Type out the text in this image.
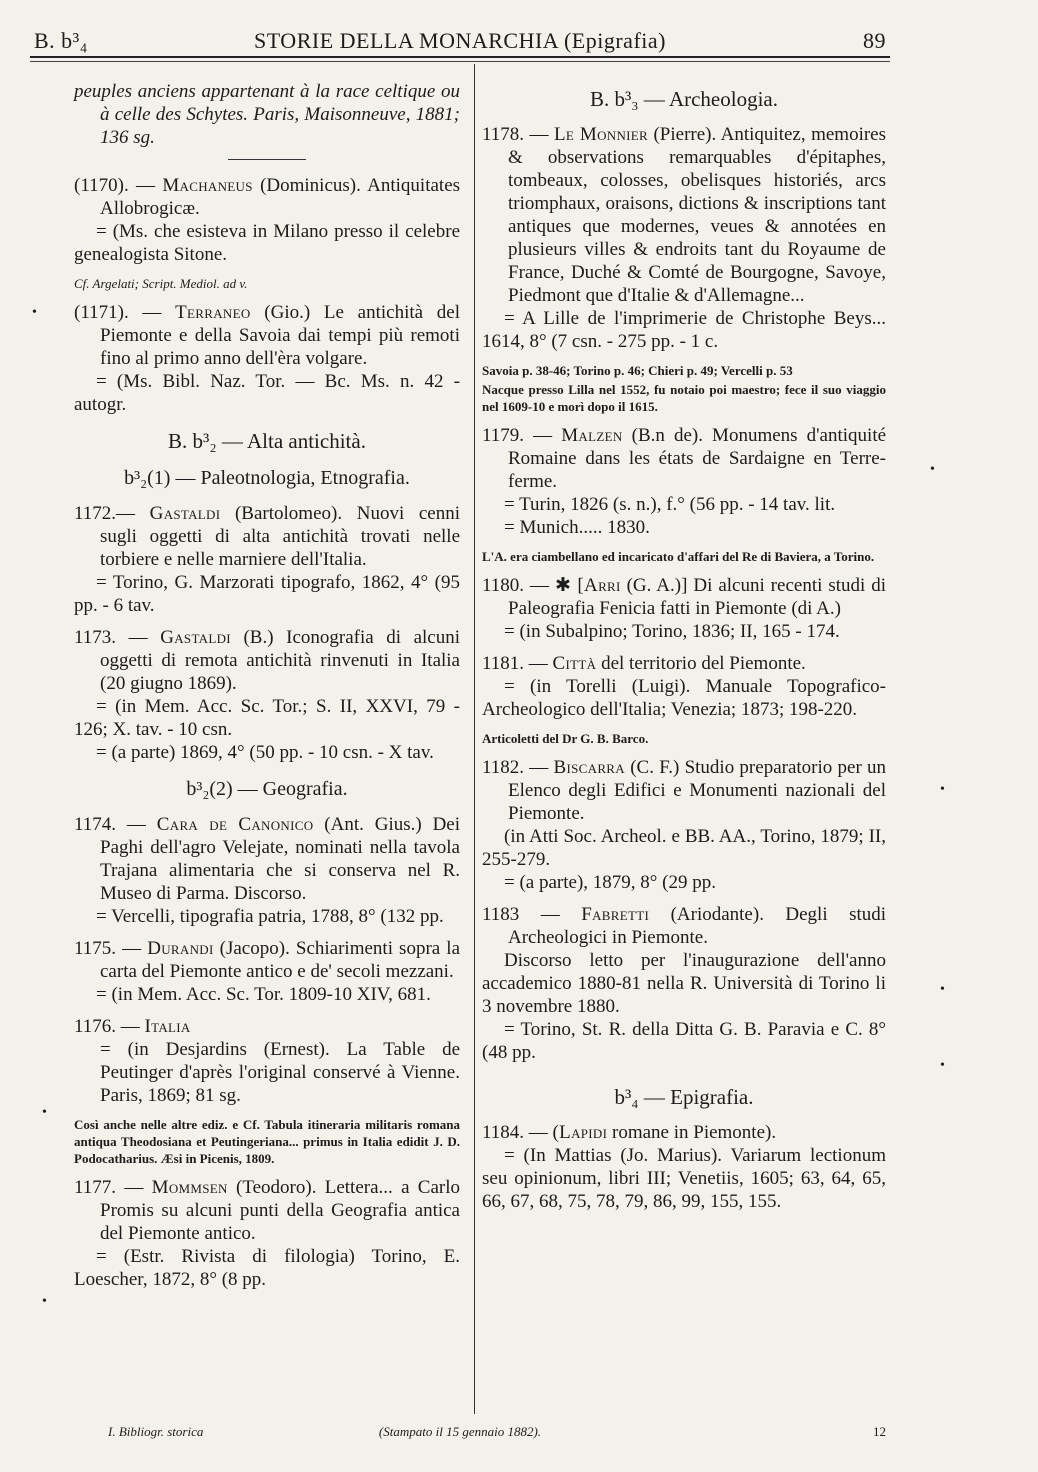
B. b³₄	STORIE DELLA MONARCHIA (Epigrafia)	89
•
•
•
•
•
•
•

peuples anciens appartenant à la race celtique ou à celle des Schytes. Paris, Maisonneuve, 1881; 136 sg.

(1170). — Machaneus (Dominicus). Antiquitates Allobrogicæ.

= (Ms. che esisteva in Milano presso il celebre genealogista Sitone.

Cf. Argelati; Script. Mediol. ad v.

(1171). — Terraneo (Gio.) Le antichità del Piemonte e della Savoia dai tempi più remoti fino al primo anno dell'èra volgare.

= (Ms. Bibl. Naz. Tor. — Bc. Ms. n. 42 - autogr.

B. b³₂ — Alta antichità.
b³₂(1) — Paleotnologia, Etnografia.

1172.— Gastaldi (Bartolomeo). Nuovi cenni sugli oggetti di alta antichità trovati nelle torbiere e nelle marniere dell'Italia.

= Torino, G. Marzorati tipografo, 1862, 4° (95 pp. - 6 tav.

1173. — Gastaldi (B.) Iconografia di alcuni oggetti di remota antichità rinvenuti in Italia (20 giugno 1869).

= (in Mem. Acc. Sc. Tor.; S. II, XXVI, 79 - 126; X. tav. - 10 csn.

= (a parte) 1869, 4° (50 pp. - 10 csn. - X tav.

b³₂(2) — Geografia.

1174. — Cara de Canonico (Ant. Gius.) Dei Paghi dell'agro Velejate, nominati nella tavola Trajana alimentaria che si conserva nel R. Museo di Parma. Discorso.

= Vercelli, tipografia patria, 1788, 8° (132 pp.

1175. — Durandi (Jacopo). Schiarimenti sopra la carta del Piemonte antico e de' secoli mezzani.

= (in Mem. Acc. Sc. Tor. 1809-10 XIV, 681.

1176. — Italia
= (in Desjardins (Ernest). La Table de Peutinger d'après l'original conservé à Vienne. Paris, 1869; 81 sg.

Così anche nelle altre ediz. e Cf. Tabula itineraria militaris romana antiqua Theodosiana et Peutingeriana... primus in Italia edidit J. D. Podocatharius. Æsi in Picenis, 1809.

1177. — Mommsen (Teodoro). Lettera... a Carlo Promis su alcuni punti della Geografia antica del Piemonte antico.

= (Estr. Rivista di filologia) Torino, E. Loescher, 1872, 8° (8 pp.

B. b³₃ — Archeologia.

1178. — Le Monnier (Pierre). Antiquitez, memoires & observations remarquables d'épitaphes, tombeaux, colosses, obelisques historiés, arcs triomphaux, oraisons, dictions & inscriptions tant antiques que modernes, veues & annotées en plusieurs villes & endroits tant du Royaume de France, Duché & Comté de Bourgogne, Savoye, Piedmont que d'Italie & d'Allemagne...

= A Lille de l'imprimerie de Christophe Beys... 1614, 8° (7 csn. - 275 pp. - 1 c.

Savoia p. 38-46; Torino p. 46; Chieri p. 49; Vercelli p. 53

Nacque presso Lilla nel 1552, fu notaio poi maestro; fece il suo viaggio nel 1609-10 e morì dopo il 1615.

1179. — Malzen (B.n de). Monumens d'antiquité Romaine dans les états de Sardaigne en Terre-ferme.

= Turin, 1826 (s. n.), f.° (56 pp. - 14 tav. lit.

= Munich..... 1830.

L'A. era ciambellano ed incaricato d'affari del Re di Baviera, a Torino.

1180. — ✱ [Arri (G. A.)] Di alcuni recenti studi di Paleografia Fenicia fatti in Piemonte (di A.)

= (in Subalpino; Torino, 1836; II, 165 - 174.

1181. — Città del territorio del Piemonte.

= (in Torelli (Luigi). Manuale Topografico-Archeologico dell'Italia; Venezia; 1873; 198-220.

Articoletti del Dr G. B. Barco.

1182. — Biscarra (C. F.) Studio preparatorio per un Elenco degli Edifici e Monumenti nazionali del Piemonte.

(in Atti Soc. Archeol. e BB. AA., Torino, 1879; II, 255-279.

= (a parte), 1879, 8° (29 pp.

1183 — Fabretti (Ariodante). Degli studi Archeologici in Piemonte.

Discorso letto per l'inaugurazione dell'anno accademico 1880-81 nella R. Università di Torino li 3 novembre 1880.

= Torino, St. R. della Ditta G. B. Paravia e C. 8° (48 pp.

b³₄ — Epigrafia.

1184. — (Lapidi romane in Piemonte).

= (In Mattias (Jo. Marius). Variarum lectionum seu opinionum, libri III; Venetiis, 1605; 63, 64, 65, 66, 67, 68, 75, 78, 79, 86, 99, 155, 155.

I. Bibliogr. storica	(Stampato il 15 gennaio 1882).	12
